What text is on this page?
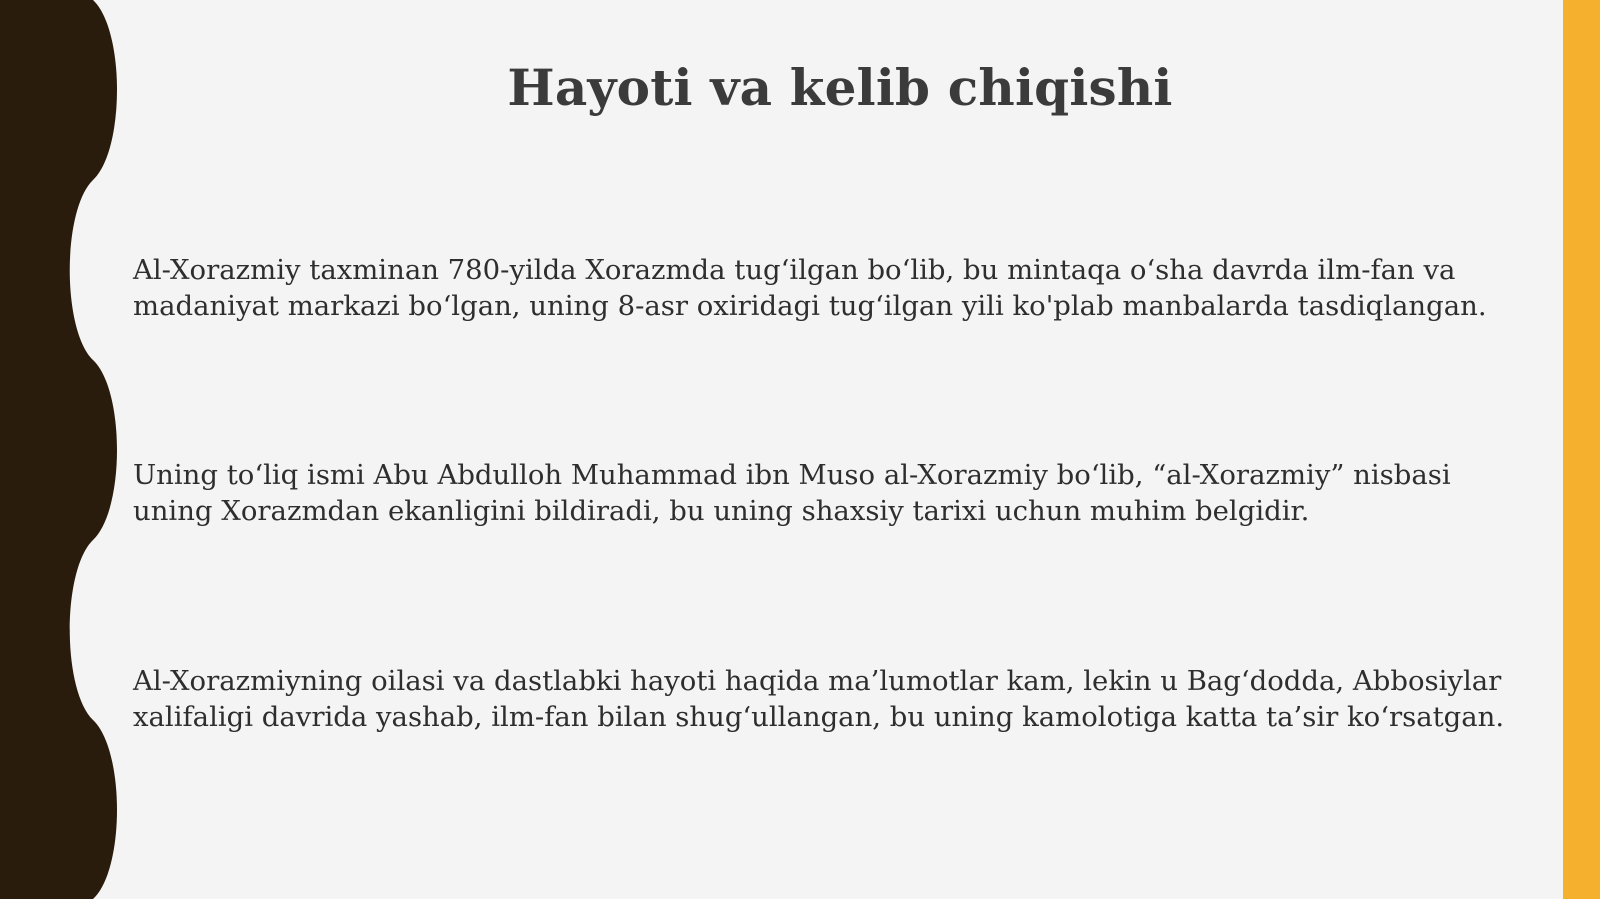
Hayoti va kelib chiqishi

Al-Xorazmiy taxminan 780-yilda Xorazmda tug‘ilgan bo‘lib, bu mintaqa o‘sha davrda ilm-fan va madaniyat markazi bo‘lgan, uning 8-asr oxiridagi tug‘ilgan yili ko'plab manbalarda tasdiqlangan.

Uning to‘liq ismi Abu Abdulloh Muhammad ibn Muso al-Xorazmiy bo‘lib, “al-Xorazmiy” nisbasi uning Xorazmdan ekanligini bildiradi, bu uning shaxsiy tarixi uchun muhim belgidir.

Al-Xorazmiyning oilasi va dastlabki hayoti haqida ma’lumotlar kam, lekin u Bag‘dodda, Abbosiylar xalifaligi davrida yashab, ilm-fan bilan shug‘ullangan, bu uning kamolotiga katta ta’sir ko‘rsatgan.
